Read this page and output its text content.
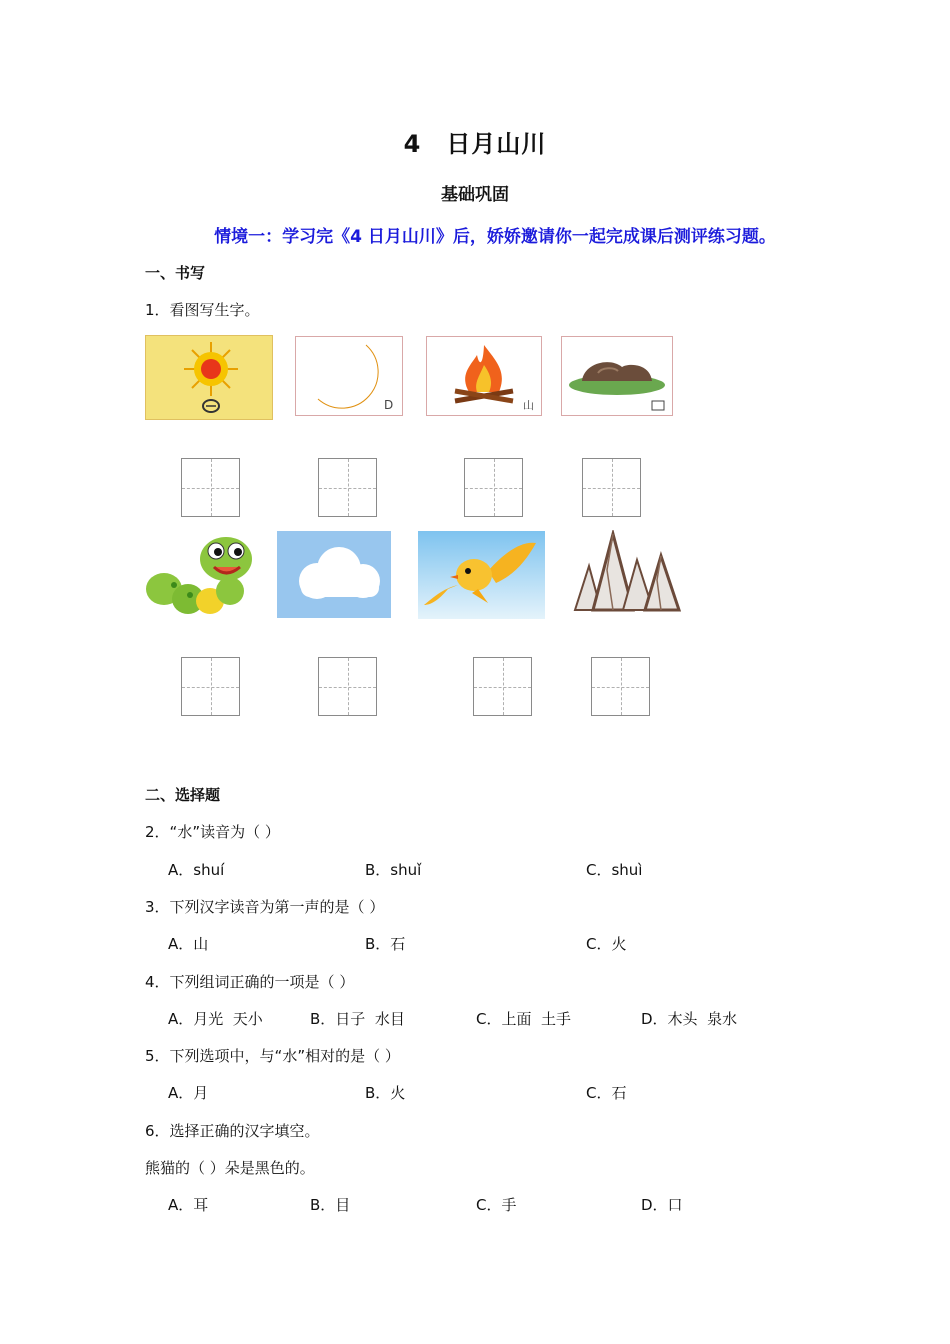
4　日月山川
基础巩固
情境一：学习完《4 日月山川》后，娇娇邀请你一起完成课后测评练习题。
一、书写
1．看图写生字。
D	山
二、选择题
2．“水”读音为（ ）
A．shuí	B．shuǐ	C．shuì
3．下列汉字读音为第一声的是（ ）
A．山	B．石	C．火
4．下列组词正确的一项是（ ）
A．月光  天小	B．日子  水目	C．上面  土手	D．木头  泉水
5．下列选项中，与“水”相对的是（ ）
A．月	B．火	C．石
6．选择正确的汉字填空。
熊猫的（ ）朵是黑色的。
A．耳	B．目	C．手	D．口
